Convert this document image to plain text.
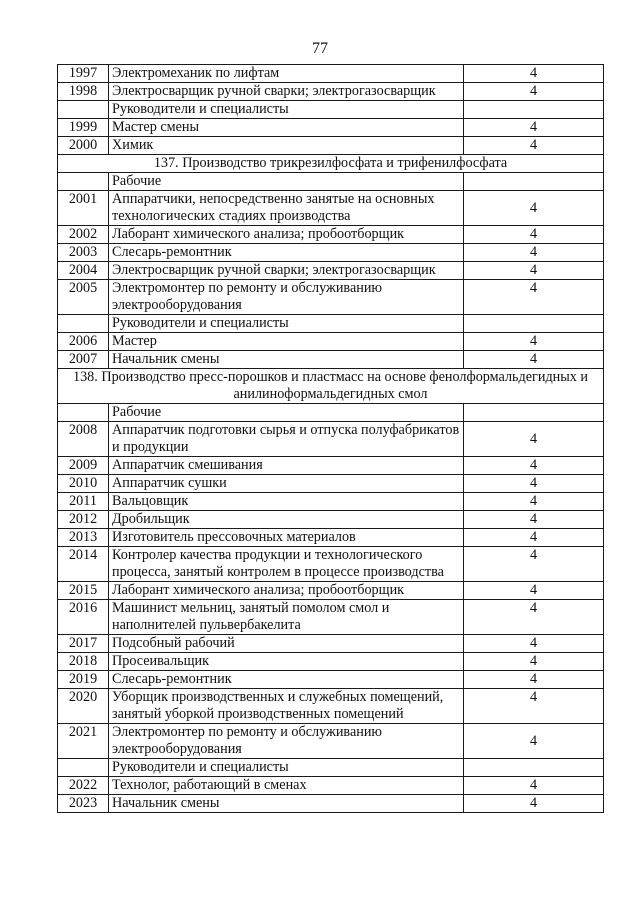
77
1997	Электромеханик по лифтам	4
1998	Электросварщик ручной сварки; электрогазосварщик	4
	Руководители и специалисты	
1999	Мастер смены	4
2000	Химик	4
137. Производство трикрезилфосфата и трифенилфосфата		
	Рабочие	
2001	Аппаратчики, непосредственно занятые на основных технологических стадиях производства	4
2002	Лаборант химического анализа; пробоотборщик	4
2003	Слесарь-ремонтник	4
2004	Электросварщик ручной сварки; электрогазосварщик	4
2005	Электромонтер по ремонту и обслуживанию электрооборудования	4
	Руководители и специалисты	
2006	Мастер	4
2007	Начальник смены	4
138. Производство пресс-порошков и пластмасс на основе фенолформальдегидных и анилиноформальдегидных смол		
	Рабочие	
2008	Аппаратчик подготовки сырья и отпуска полуфабрикатов и продукции	4
2009	Аппаратчик смешивания	4
2010	Аппаратчик сушки	4
2011	Вальцовщик	4
2012	Дробильщик	4
2013	Изготовитель прессовочных материалов	4
2014	Контролер качества продукции и технологического процесса, занятый контролем в процессе производства	4
2015	Лаборант химического анализа; пробоотборщик	4
2016	Машинист мельниц, занятый помолом смол и наполнителей пульвербакелита	4
2017	Подсобный рабочий	4
2018	Просеивальщик	4
2019	Слесарь-ремонтник	4
2020	Уборщик производственных и служебных помещений, занятый уборкой производственных помещений	4
2021	Электромонтер по ремонту и обслуживанию электрооборудования	4
	Руководители и специалисты	
2022	Технолог, работающий в сменах	4
2023	Начальник смены	4
